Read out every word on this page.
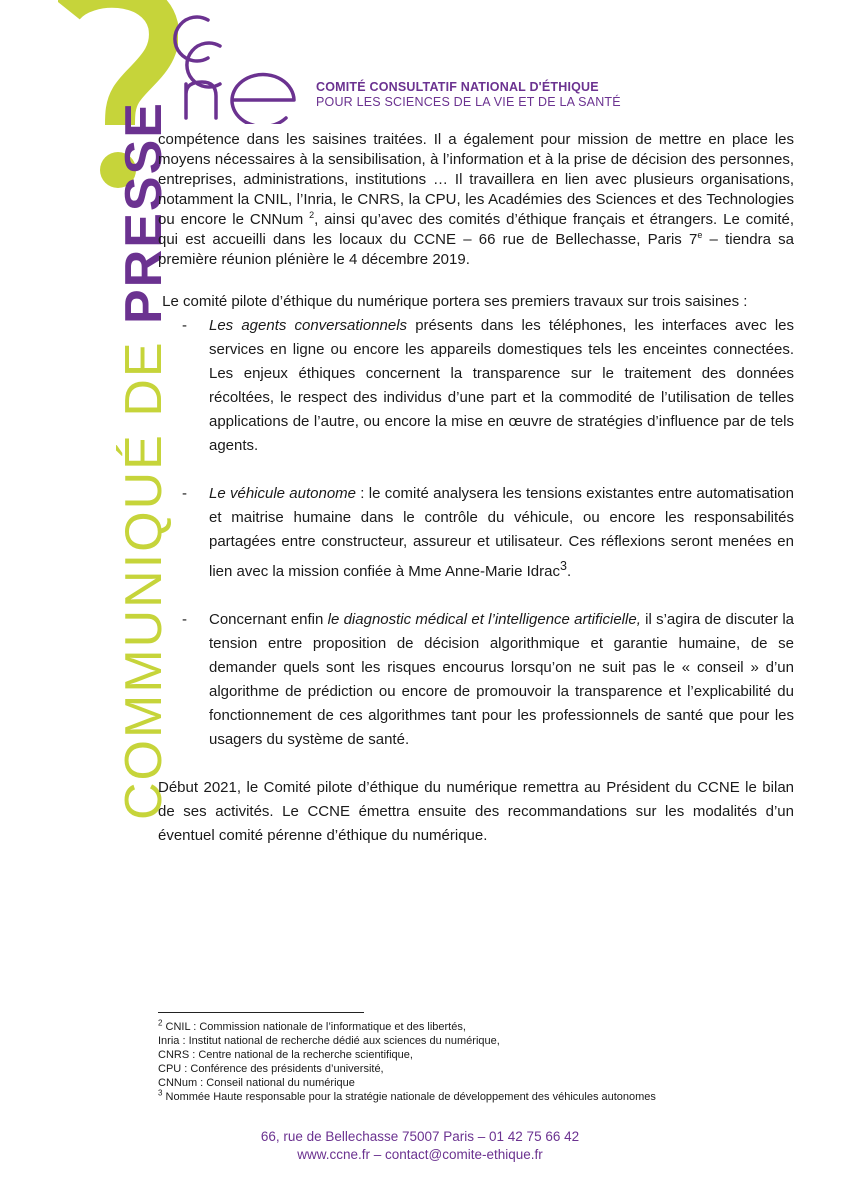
COMMUNIQUÉ DE PRESSE
COMITÉ CONSULTATIF NATIONAL D'ÉTHIQUE
POUR LES SCIENCES DE LA VIE ET DE LA SANTÉ

compétence dans les saisines traitées. Il a également pour mission de mettre en place les moyens nécessaires à la sensibilisation, à l’information et à la prise de décision des personnes, entreprises, administrations, institutions … Il travaillera en lien avec plusieurs organisations, notamment la CNIL, l’Inria, le CNRS, la CPU, les Académies des Sciences et des Technologies ou encore le CNNum $^2$, ainsi qu’avec des comités d’éthique français et étrangers. Le comité, qui est accueilli dans les locaux du CCNE – 66 rue de Bellechasse, Paris 7e – tiendra sa première réunion plénière le 4 décembre 2019.

Le comité pilote d’éthique du numérique portera ses premiers travaux sur trois saisines :

- Les agents conversationnels présents dans les téléphones, les interfaces avec les services en ligne ou encore les appareils domestiques tels les enceintes connectées. Les enjeux éthiques concernent la transparence sur le traitement des données récoltées, le respect des individus d’une part et la commodité de l’utilisation de telles applications de l’autre, ou encore la mise en œuvre de stratégies d’influence par de tels agents.
- Le véhicule autonome : le comité analysera les tensions existantes entre automatisation et maitrise humaine dans le contrôle du véhicule, ou encore les responsabilités partagées entre constructeur, assureur et utilisateur. Ces réflexions seront menées en lien avec la mission confiée à Mme Anne-Marie Idrac$^3$.
- Concernant enfin le diagnostic médical et l’intelligence artificielle, il s’agira de discuter la tension entre proposition de décision algorithmique et garantie humaine, de se demander quels sont les risques encourus lorsqu’on ne suit pas le « conseil » d’un algorithme de prédiction ou encore de promouvoir la transparence et l’explicabilité du fonctionnement de ces algorithmes tant pour les professionnels de santé que pour les usagers du système de santé.

Début 2021, le Comité pilote d’éthique du numérique remettra au Président du CCNE le bilan de ses activités. Le CCNE émettra ensuite des recommandations sur les modalités d’un éventuel comité pérenne d’éthique du numérique.

$^2$ CNIL : Commission nationale de l’informatique et des libertés,
Inria : Institut national de recherche dédié aux sciences du numérique,
CNRS : Centre national de la recherche scientifique,
CPU : Conférence des présidents d’université,
CNNum : Conseil national du numérique
$^3$ Nommée Haute responsable pour la stratégie nationale de développement des véhicules autonomes
66, rue de Bellechasse 75007 Paris – 01 42 75 66 42
www.ccne.fr – contact@comite-ethique.fr
